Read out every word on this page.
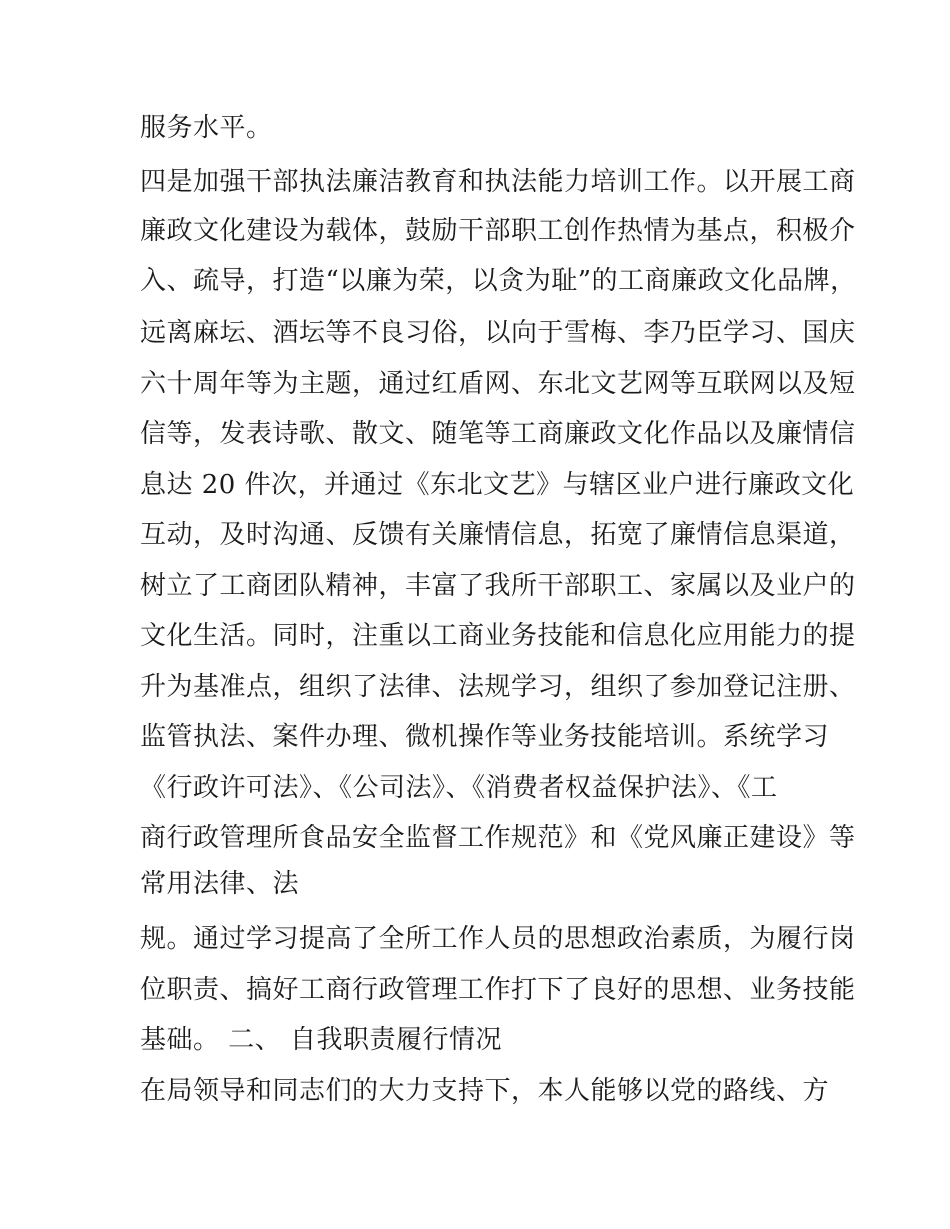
服务水平。
四是加强干部执法廉洁教育和执法能力培训工作。以开展工商
廉政文化建设为载体，鼓励干部职工创作热情为基点，积极介
入、疏导，打造“以廉为荣，以贪为耻”的工商廉政文化品牌，
远离麻坛、酒坛等不良习俗，以向于雪梅、李乃臣学习、国庆
六十周年等为主题，通过红盾网、东北文艺网等互联网以及短
信等，发表诗歌、散文、随笔等工商廉政文化作品以及廉情信
息达 20 件次，并通过《东北文艺》与辖区业户进行廉政文化
互动，及时沟通、反馈有关廉情信息，拓宽了廉情信息渠道，
树立了工商团队精神，丰富了我所干部职工、家属以及业户的
文化生活。同时，注重以工商业务技能和信息化应用能力的提
升为基准点，组织了法律、法规学习，组织了参加登记注册、
监管执法、案件办理、微机操作等业务技能培训。系统学习
《行政许可法》、《公司法》、《消费者权益保护法》、《工
商行政管理所食品安全监督工作规范》和《党风廉正建设》等
常用法律、法
规。通过学习提高了全所工作人员的思想政治素质，为履行岗
位职责、搞好工商行政管理工作打下了良好的思想、业务技能
基础。 二、 自我职责履行情况
在局领导和同志们的大力支持下，本人能够以党的路线、方
